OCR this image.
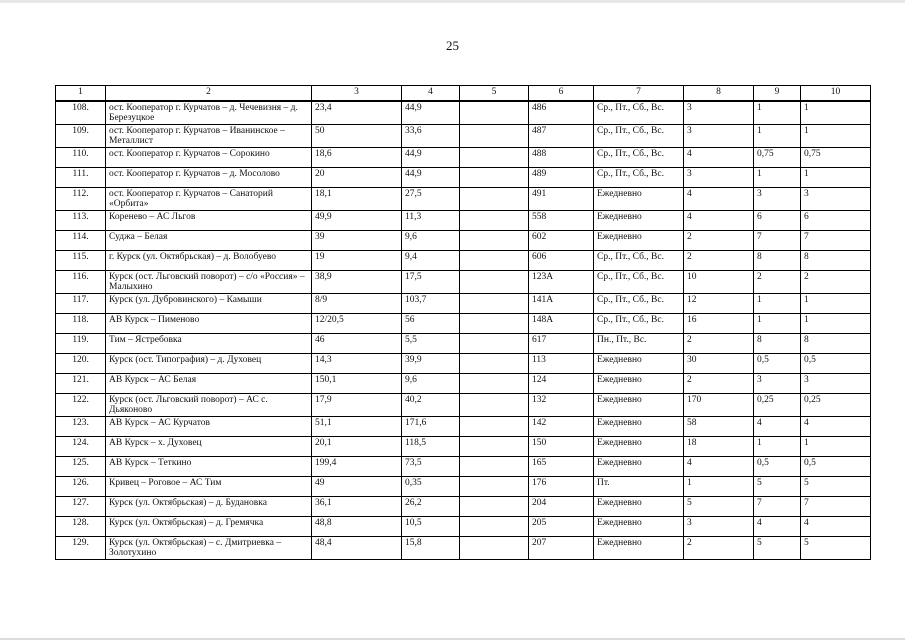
25
1	2	3	4	5	6	7	8	9	10
108.	ост. Кооператор г. Курчатов – д. Чечевизня – д. Березуцкое	23,4	44,9		486	Ср., Пт., Сб., Вс.	3	1	1
109.	ост. Кооператор г. Курчатов – Иванинское – Металлист	50	33,6		487	Ср., Пт., Сб., Вс.	3	1	1
110.	ост. Кооператор г. Курчатов – Сорокино	18,6	44,9		488	Ср., Пт., Сб., Вс.	4	0,75	0,75
111.	ост. Кооператор г. Курчатов – д. Мосолово	20	44,9		489	Ср., Пт., Сб., Вс.	3	1	1
112.	ост. Кооператор г. Курчатов – Санаторий «Орбита»	18,1	27,5		491	Ежедневно	4	3	3
113.	Коренево – АС Льгов	49,9	11,3		558	Ежедневно	4	6	6
114.	Суджа – Белая	39	9,6		602	Ежедневно	2	7	7
115.	г. Курск (ул. Октябрьская) – д. Волобуево	19	9,4		606	Ср., Пт., Сб., Вс.	2	8	8
116.	Курск (ост. Льговский поворот) – с/о «Россия» – Малыхино	38,9	17,5		123А	Ср., Пт., Сб., Вс.	10	2	2
117.	Курск (ул. Дубровинского) – Камыши	8/9	103,7		141А	Ср., Пт., Сб., Вс.	12	1	1
118.	АВ Курск – Пименово	12/20,5	56		148А	Ср., Пт., Сб., Вс.	16	1	1
119.	Тим – Ястребовка	46	5,5		617	Пн., Пт., Вс.	2	8	8
120.	Курск (ост. Типография) – д. Духовец	14,3	39,9		113	Ежедневно	30	0,5	0,5
121.	АВ Курск – АС Белая	150,1	9,6		124	Ежедневно	2	3	3
122.	Курск (ост. Льговский поворот) – АС с. Дьяконово	17,9	40,2		132	Ежедневно	170	0,25	0,25
123.	АВ Курск – АС Курчатов	51,1	171,6		142	Ежедневно	58	4	4
124.	АВ Курск – х. Духовец	20,1	118,5		150	Ежедневно	18	1	1
125.	АВ Курск – Теткино	199,4	73,5		165	Ежедневно	4	0,5	0,5
126.	Кривец – Роговое – АС Тим	49	0,35		176	Пт.	1	5	5
127.	Курск (ул. Октябрьская) – д. Будановка	36,1	26,2		204	Ежедневно	5	7	7
128.	Курск (ул. Октябрьская) – д. Гремячка	48,8	10,5		205	Ежедневно	3	4	4
129.	Курск (ул. Октябрьская) – с. Дмитриевка – Золотухино	48,4	15,8		207	Ежедневно	2	5	5
